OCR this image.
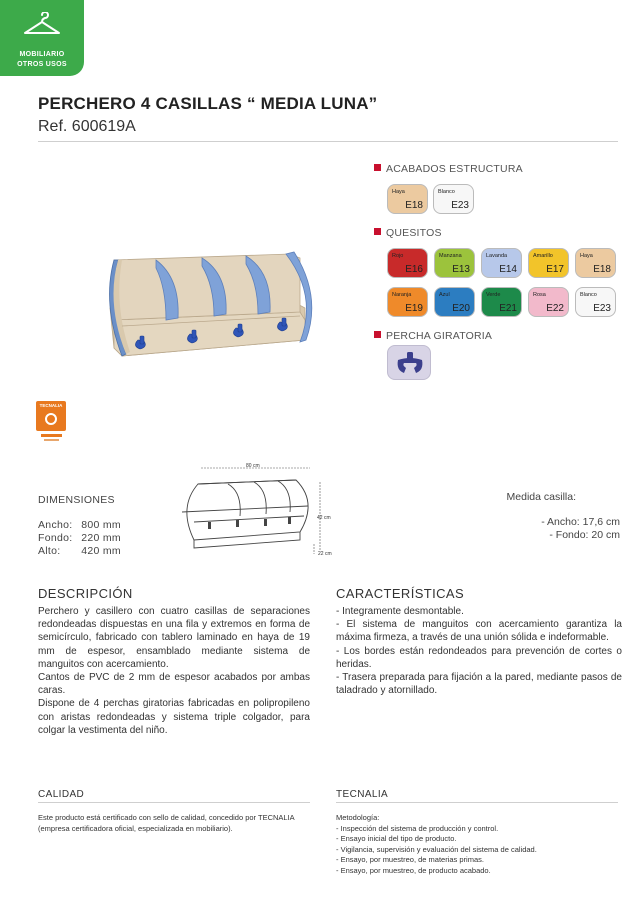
MOBILIARIO
OTROS USOS
PERCHERO 4 CASILLAS “ MEDIA LUNA”
Ref. 600619A
ACABADOS ESTRUCTURA
Haya
E18
Blanco
E23
QUESITOS
Rojo
E16
Manzana
E13
Lavanda
E14
Amarillo
E17
Haya
E18
Naranja
E19
Azul
E20
Verde
E21
Rosa
E22
Blanco
E23
PERCHA GIRATORIA
TECNALIA
80 cm
42 cm
22 cm
DIMENSIONES
Ancho: 800 mm
Fondo: 220 mm
Alto: 420 mm
Medida casilla:
- Ancho: 17,6 cm
- Fondo: 20 cm
DESCRIPCIÓN

Perchero y casillero con cuatro casillas de separaciones redondeadas dispuestas en una fila y extremos en forma de semicírculo, fabricado con tablero laminado en haya de 19 mm de espesor, ensamblado mediante sistema de manguitos con acercamiento.

Cantos de PVC de 2 mm de espesor acabados por ambas caras.

Dispone de 4 perchas giratorias fabricadas en polipropileno con aristas redondeadas y sistema triple colgador, para colgar la vestimenta del niño.

CARACTERÍSTICAS

- Integramente desmontable.

- El sistema de manguitos con acercamiento garantiza la máxima firmeza, a través de una unión sólida e indeformable.

- Los bordes están redondeados para prevención de cortes o heridas.

- Trasera preparada para fijación a la pared, mediante pasos de taladrado y atornillado.

CALIDAD
Este producto está certificado con sello de calidad, concedido por TECNALIA (empresa certificadora oficial, especializada en mobiliario).
TECNALIA
Metodología:
- Inspección del sistema de producción y control.
- Ensayo inicial del tipo de producto.
- Vigilancia, supervisión y evaluación del sistema de calidad.
- Ensayo, por muestreo, de materias primas.
- Ensayo, por muestreo, de producto acabado.
